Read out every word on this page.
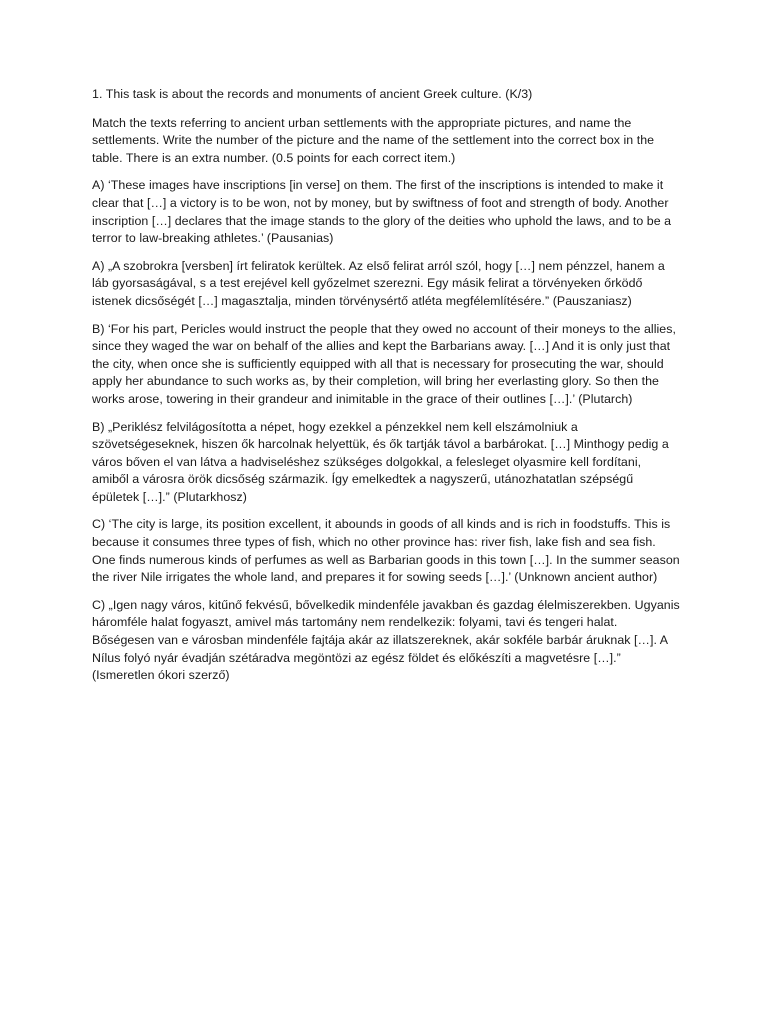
1. This task is about the records and monuments of ancient Greek culture. (K/3)

Match the texts referring to ancient urban settlements with the appropriate pictures, and name the settlements. Write the number of the picture and the name of the settlement into the correct box in the table. There is an extra number. (0.5 points for each correct item.)

A) ‘These images have inscriptions [in verse] on them. The first of the inscriptions is intended to make it clear that […] a victory is to be won, not by money, but by swiftness of foot and strength of body. Another inscription […] declares that the image stands to the glory of the deities who uphold the laws, and to be a terror to law-breaking athletes.’ (Pausanias)

A) „A szobrokra [versben] írt feliratok kerültek. Az első felirat arról szól, hogy […] nem pénzzel, hanem a láb gyorsaságával, s a test erejével kell győzelmet szerezni. Egy másik felirat a törvényeken őrködő istenek dicsőségét […] magasztalja, minden törvénysértő atléta megfélemlítésére.” (Pauszaniasz)

B) ‘For his part, Pericles would instruct the people that they owed no account of their moneys to the allies, since they waged the war on behalf of the allies and kept the Barbarians away. […] And it is only just that the city, when once she is sufficiently equipped with all that is necessary for prosecuting the war, should apply her abundance to such works as, by their completion, will bring her everlasting glory. So then the works arose, towering in their grandeur and inimitable in the grace of their outlines […].’ (Plutarch)

B) „Periklész felvilágosította a népet, hogy ezekkel a pénzekkel nem kell elszámolniuk a szövetségeseknek, hiszen ők harcolnak helyettük, és ők tartják távol a barbárokat. […] Minthogy pedig a város bőven el van látva a hadviseléshez szükséges dolgokkal, a felesleget olyasmire kell fordítani, amiből a városra örök dicsőség származik. Így emelkedtek a nagyszerű, utánozhatatlan szépségű épületek […].” (Plutarkhosz)

C) ‘The city is large, its position excellent, it abounds in goods of all kinds and is rich in foodstuffs. This is because it consumes three types of fish, which no other province has: river fish, lake fish and sea fish. One finds numerous kinds of perfumes as well as Barbarian goods in this town […]. In the summer season the river Nile irrigates the whole land, and prepares it for sowing seeds […].’ (Unknown ancient author)

C) „Igen nagy város, kitűnő fekvésű, bővelkedik mindenféle javakban és gazdag élelmiszerekben. Ugyanis háromféle halat fogyaszt, amivel más tartomány nem rendelkezik: folyami, tavi és tengeri halat. Bőségesen van e városban mindenféle fajtája akár az illatszereknek, akár sokféle barbár áruknak […]. A Nílus folyó nyár évadján szétáradva megöntözi az egész földet és előkészíti a magvetésre […].” (Ismeretlen ókori szerző)
